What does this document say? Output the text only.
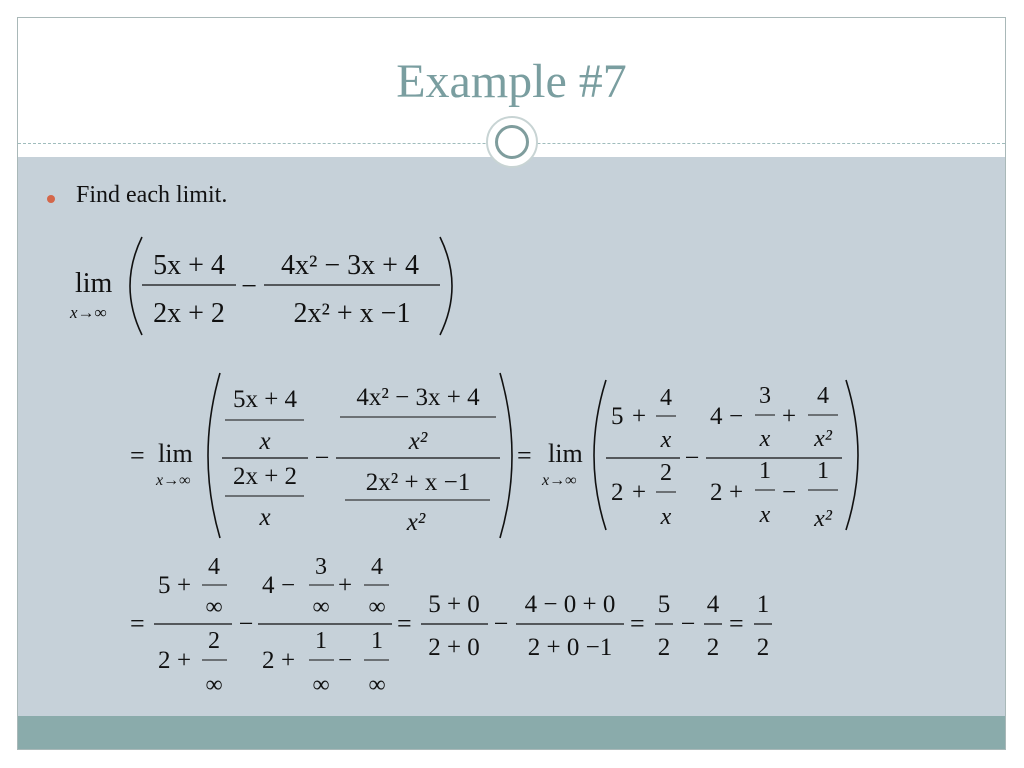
Example #7
Find each limit.
lim
x→∞
5x + 4
2x + 2
−
4x² − 3x + 4
2x² + x −1
= lim
x→∞
5x + 4
x
2x + 2
x
−
4x² − 3x + 4
x²
2x² + x −1
x²
= lim
x→∞
5 +
4
x
2 +
2
x
−
4 −
3
x
+
4
x²
2 +
1
x
−
1
x²
=
5 +
4
∞
2 +
2
∞
−
4 −
3
∞
+
4
∞
2 +
1
∞
−
1
∞
=
5 + 0
2 + 0
−
4 − 0 + 0
2 + 0 −1
=
5
2
−
4
2
=
1
2
